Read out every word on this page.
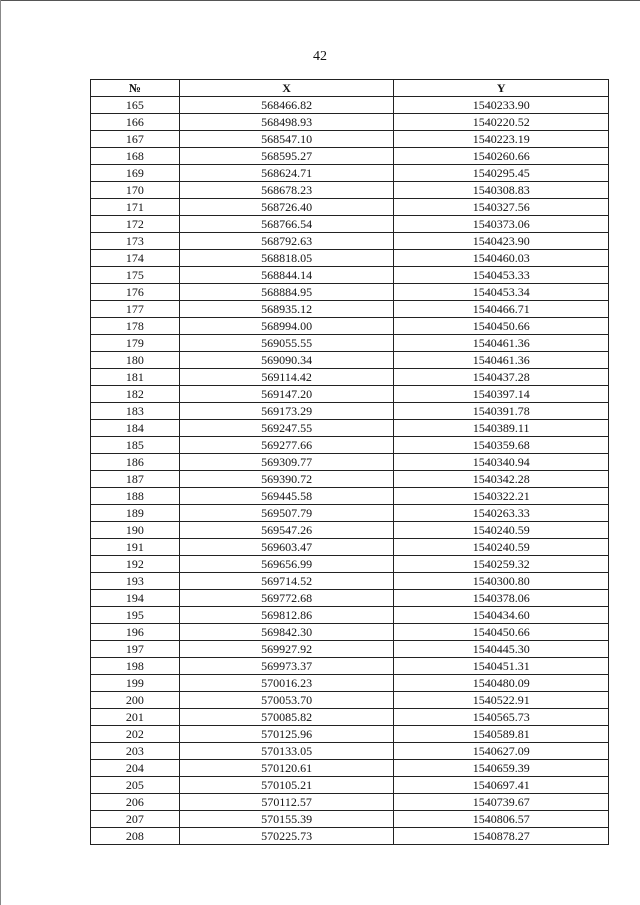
42
№	X	Y
165	568466.82	1540233.90
166	568498.93	1540220.52
167	568547.10	1540223.19
168	568595.27	1540260.66
169	568624.71	1540295.45
170	568678.23	1540308.83
171	568726.40	1540327.56
172	568766.54	1540373.06
173	568792.63	1540423.90
174	568818.05	1540460.03
175	568844.14	1540453.33
176	568884.95	1540453.34
177	568935.12	1540466.71
178	568994.00	1540450.66
179	569055.55	1540461.36
180	569090.34	1540461.36
181	569114.42	1540437.28
182	569147.20	1540397.14
183	569173.29	1540391.78
184	569247.55	1540389.11
185	569277.66	1540359.68
186	569309.77	1540340.94
187	569390.72	1540342.28
188	569445.58	1540322.21
189	569507.79	1540263.33
190	569547.26	1540240.59
191	569603.47	1540240.59
192	569656.99	1540259.32
193	569714.52	1540300.80
194	569772.68	1540378.06
195	569812.86	1540434.60
196	569842.30	1540450.66
197	569927.92	1540445.30
198	569973.37	1540451.31
199	570016.23	1540480.09
200	570053.70	1540522.91
201	570085.82	1540565.73
202	570125.96	1540589.81
203	570133.05	1540627.09
204	570120.61	1540659.39
205	570105.21	1540697.41
206	570112.57	1540739.67
207	570155.39	1540806.57
208	570225.73	1540878.27
